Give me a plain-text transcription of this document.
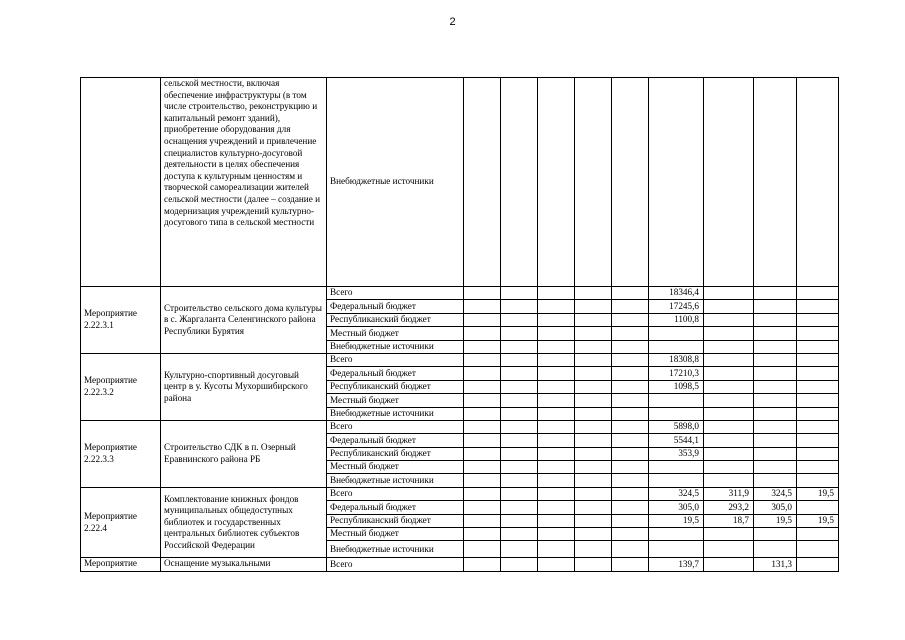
2
	сельской местности, включая обеспечение инфраструктуры (в том числе строительство, реконструкцию и капитальный ремонт зданий), приобретение оборудования для оснащения учреждений и привлечение специалистов культурно-досуговой деятельности в целях обеспечения доступа к культурным ценностям и творческой самореализации жителей сельской местности (далее – создание и модернизация учреждений культурно-досугового типа в сельской местности	Внебюджетные источники									
Мероприятие 2.22.3.1	Строительство сельского дома культуры в с. Жаргаланта Селенгинского района Республики Бурятия	Всего						18346,4			
		Федеральный бюджет						17245,6			
		Республиканский бюджет						1100,8			
		Местный бюджет									
		Внебюджетные источники									
Мероприятие 2.22.3.2	Культурно-спортивный досуговый центр в у. Кусоты Мухоршибирского района	Всего						18308,8			
		Федеральный бюджет						17210,3			
		Республиканский бюджет						1098,5			
		Местный бюджет									
		Внебюджетные источники									
Мероприятие 2.22.3.3	Строительство СДК в п. Озерный Еравнинского района РБ	Всего						5898,0			
		Федеральный бюджет						5544,1			
		Республиканский бюджет						353,9			
		Местный бюджет									
		Внебюджетные источники									
Мероприятие 2.22.4	Комплектование книжных фондов муниципальных общедоступных библиотек и государственных центральных библиотек субъектов Российской Федерации	Всего						324,5	311,9	324,5	19,5
		Федеральный бюджет						305,0	293,2	305,0	
		Республиканский бюджет						19,5	18,7	19,5	19,5
		Местный бюджет									
		Внебюджетные источники									
Мероприятие	Оснащение музыкальными	Всего						139,7		131,3	
